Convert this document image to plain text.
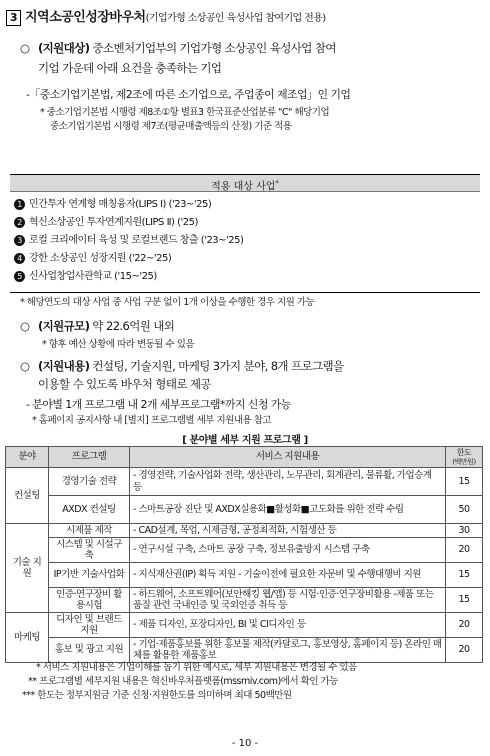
3 지역소공인성장바우처(기업가형 소상공인 육성사업 참여기업 전용)
○ (지원대상) 중소벤처기업부의 기업가형 소상공인 육성사업 참여
기업 가운데 아래 요건을 충족하는 기업
-「중소기업기본법, 제2조에 따른 소기업으로, 주업종이 제조업」인 기업
* 중소기업기본법 시행령 제8조①항 별표3 한국표준산업분류 "C" 해당기업
중소기업기본법 시행령 제7조(평균매출액등의 산정) 기준 적용
적용 대상 사업*
1 민간투자 연계형 매칭융자(LIPS Ⅰ) ('23~'25)
2 혁신소상공인 투자연계지원(LIPS Ⅱ) ('25)
3 로컬 크리에이터 육성 및 로컬브랜드 창출 ('23~'25)
4 강한 소상공인 성장지원 ('22~'25)
5 신사업창업사관학교 ('15~'25)
* 해당연도의 대상 사업 중 사업 구분 없이 1개 이상을 수행한 경우 지원 가능
○ (지원규모) 약 22.6억원 내외
* 향후 예산 상황에 따라 변동될 수 있음
○ (지원내용) 컨설팅, 기술지원, 마케팅 3가지 분야, 8개 프로그램을
이용할 수 있도록 바우처 형태로 제공
- 분야별 1개 프로그램 내 2개 세부프로그램*까지 신청 가능
* 홈페이지 공지사항 내 [별지] 프로그램별 세부 지원내용 참고
[ 분야별 세부 지원 프로그램 ]
분야	프로그램	서비스 지원내용	한도
(백만원)
컨설팅	경영기술 전략	- 경영전략, 기술사업화 전략, 생산관리, 노무관리, 회계관리, 물류활, 가업승계 등	15
	AXDX 컨설팅	- 스마트공장 진단 및 AXDX실용화■활성화■고도화를 위한 전략 수립	50
기술 지원	시제품 제작	- CAD설계, 목업, 시제금형, 공정최적화, 시험생산 등	30
	시스템 및 시설구축	- 연구시설 구축, 스마트 공장 구축, 정보유출방지 시스템 구축	20
	IP기반 기술사업화	- 지식재산권(IP) 획득 지원 - 기술이전에 필요한 자문비 및 수행대행비 지원	15
	인증·연구장비 활용시험	- 하드웨어, 소프트웨어(보안해킹 웹/앱) 등 시험·인증·연구장비활용 -제품 또는 품질 관련 국내인증 및 국외인증 취득 등	15
마케팅	디자인 및 브랜드 지원	- 제품 디자인, 포장디자인, BI 및 CI디자인 등	20
	홍보 및 광고 지원	- 기업·제품홍보를 위한 홍보물 제작(카달로그, 홍보영상, 홈페이지 등) 온라인 매체를 활용한 제품홍보	20
* 서비스 지원내용은 기업이해를 돕기 위한 예시로, 세부 지원내용은 변경될 수 있음
** 프로그램별 세부지원 내용은 혁신바우처플랫폼(mssmiv.com)에서 확인 가능
*** 한도는 정부지원금 기준 신청·지원한도를 의미하며 최대 50백만원
- 10 -
